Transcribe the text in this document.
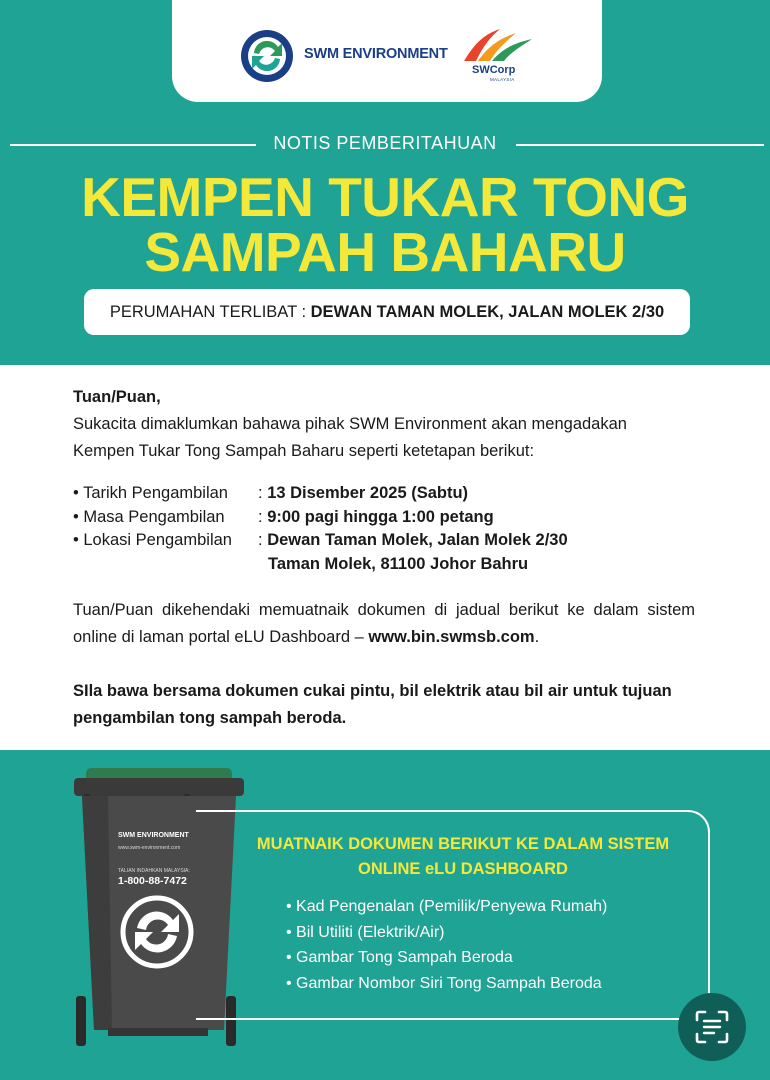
SWM ENVIRONMENT
SWCorp
MALAYSIA
NOTIS PEMBERITAHUAN
KEMPEN TUKAR TONG
SAMPAH BAHARU
PERUMAHAN TERLIBAT :
DEWAN TAMAN MOLEK, JALAN MOLEK 2/30
Tuan/Puan,
Sukacita dimaklumkan bahawa pihak SWM Environment akan mengadakan
Kempen Tukar Tong Sampah Baharu seperti ketetapan berikut:
• Tarikh Pengambilan	:
13 Disember 2025 (Sabtu)
• Masa Pengambilan	:
9:00 pagi hingga 1:00 petang
• Lokasi Pengambilan	:
Dewan Taman Molek, Jalan Molek 2/30
Taman Molek, 81100 Johor Bahru
Tuan/Puan dikehendaki memuatnaik dokumen di jadual berikut ke dalam sistem online di laman portal eLU Dashboard – www.bin.swmsb.com.
SIla bawa bersama dokumen cukai pintu, bil elektrik atau bil air untuk tujuan pengambilan tong sampah beroda.
SWM ENVIRONMENT
www.swm-environment.com
TALIAN INDAHKAN MALAYSIA:
1-800-88-7472
MUATNAIK DOKUMEN BERIKUT KE DALAM SISTEM
ONLINE eLU DASHBOARD
• Kad Pengenalan (Pemilik/Penyewa Rumah)
• Bil Utiliti (Elektrik/Air)
• Gambar Tong Sampah Beroda
• Gambar Nombor Siri Tong Sampah Beroda
